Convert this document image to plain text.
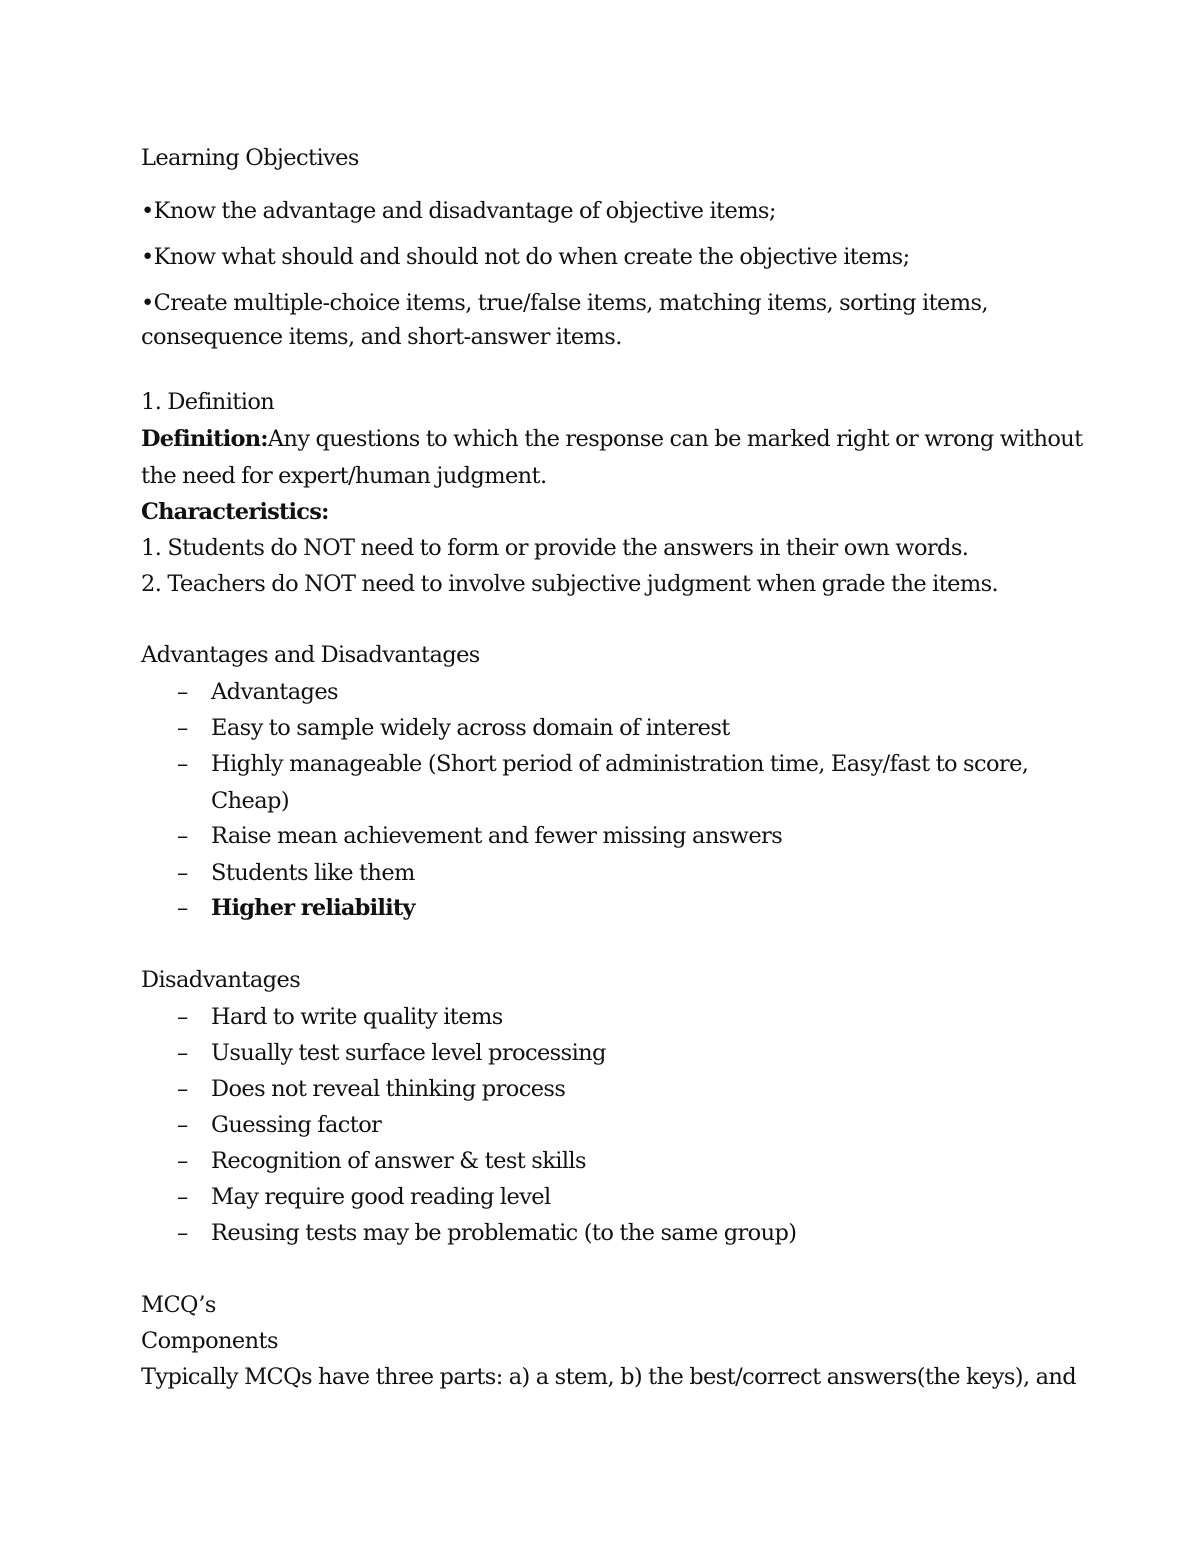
Learning Objectives
•Know the advantage and disadvantage of objective items;
•Know what should and should not do when create the objective items;
•Create multiple-choice items, true/false items, matching items, sorting items,
consequence items, and short-answer items.
1. Definition
Definition:Any questions to which the response can be marked right or wrong without
the need for expert/human judgment.
Characteristics:
1. Students do NOT need to form or provide the answers in their own words.
2. Teachers do NOT need to involve subjective judgment when grade the items.
Advantages and Disadvantages
– Advantages
– Easy to sample widely across domain of interest
– Highly manageable (Short period of administration time, Easy/fast to score,
Cheap)
– Raise mean achievement and fewer missing answers
– Students like them
– Higher reliability
Disadvantages
– Hard to write quality items
– Usually test surface level processing
– Does not reveal thinking process
– Guessing factor
– Recognition of answer & test skills
– May require good reading level
– Reusing tests may be problematic (to the same group)
MCQ’s
Components
Typically MCQs have three parts: a) a stem, b) the best/correct answers(the keys), and
